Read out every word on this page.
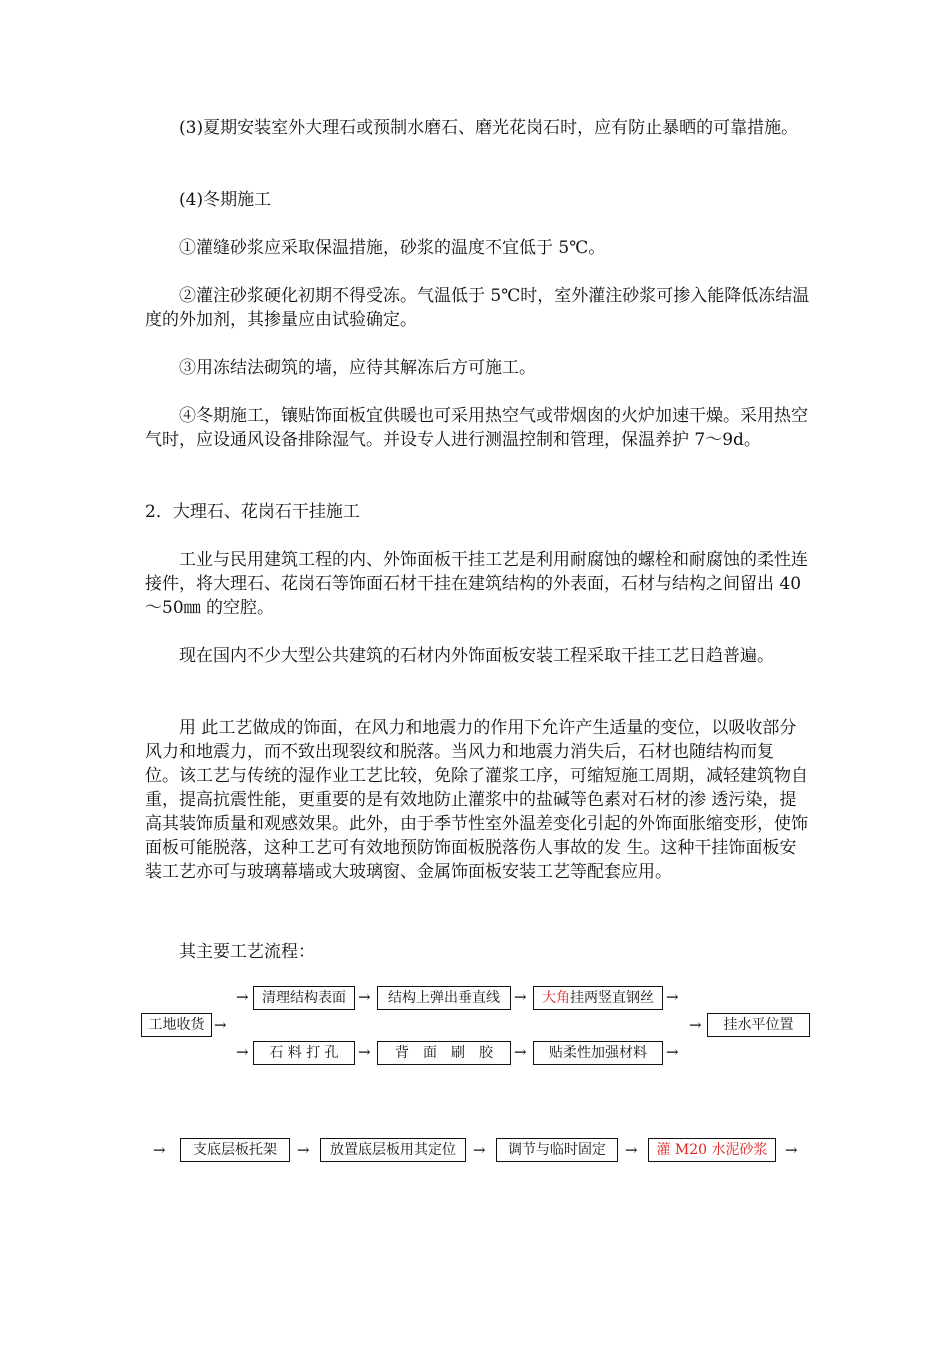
(3)夏期安装室外大理石或预制水磨石、磨光花岗石时，应有防止暴晒的可靠措施。

(4)冬期施工

①灌缝砂浆应采取保温措施，砂浆的温度不宜低于 5℃。

②灌注砂浆硬化初期不得受冻。气温低于 5℃时，室外灌注砂浆可掺入能降低冻结温度的外加剂，其掺量应由试验确定。

③用冻结法砌筑的墙，应待其解冻后方可施工。

④冬期施工，镶贴饰面板宜供暖也可采用热空气或带烟囱的火炉加速干燥。采用热空气时，应设通风设备排除湿气。并设专人进行测温控制和管理，保温养护 7～9d。

2．大理石、花岗石干挂施工

工业与民用建筑工程的内、外饰面板干挂工艺是利用耐腐蚀的螺栓和耐腐蚀的柔性连接件，将大理石、花岗石等饰面石材干挂在建筑结构的外表面，石材与结构之间留出 40～50㎜ 的空腔。

现在国内不少大型公共建筑的石材内外饰面板安装工程采取干挂工艺日趋普遍。

用 此工艺做成的饰面，在风力和地震力的作用下允许产生适量的变位，以吸收部分风力和地震力，而不致出现裂纹和脱落。当风力和地震力消失后，石材也随结构而复 位。该工艺与传统的湿作业工艺比较，免除了灌浆工序，可缩短施工周期，减轻建筑物自重，提高抗震性能，更重要的是有效地防止灌浆中的盐碱等色素对石材的渗 透污染，提高其装饰质量和观感效果。此外，由于季节性室外温差变化引起的外饰面胀缩变形，使饰面板可能脱落，这种工艺可有效地预防饰面板脱落伤人事故的发 生。这种干挂饰面板安装工艺亦可与玻璃幕墙或大玻璃窗、金属饰面板安装工艺等配套应用。

其主要工艺流程：

工地收货 →
→
→
清理结构表面 →	结构上弹出垂直线 →	大角挂两竖直钢丝 →
石 料 打 孔	→	背　面　刷　胶	→	贴柔性加强材料	→
→	挂水平位置
→	支底层板托架	→	放置底层板用其定位	→	调节与临时固定	→	灌 M20 水泥砂浆	→
